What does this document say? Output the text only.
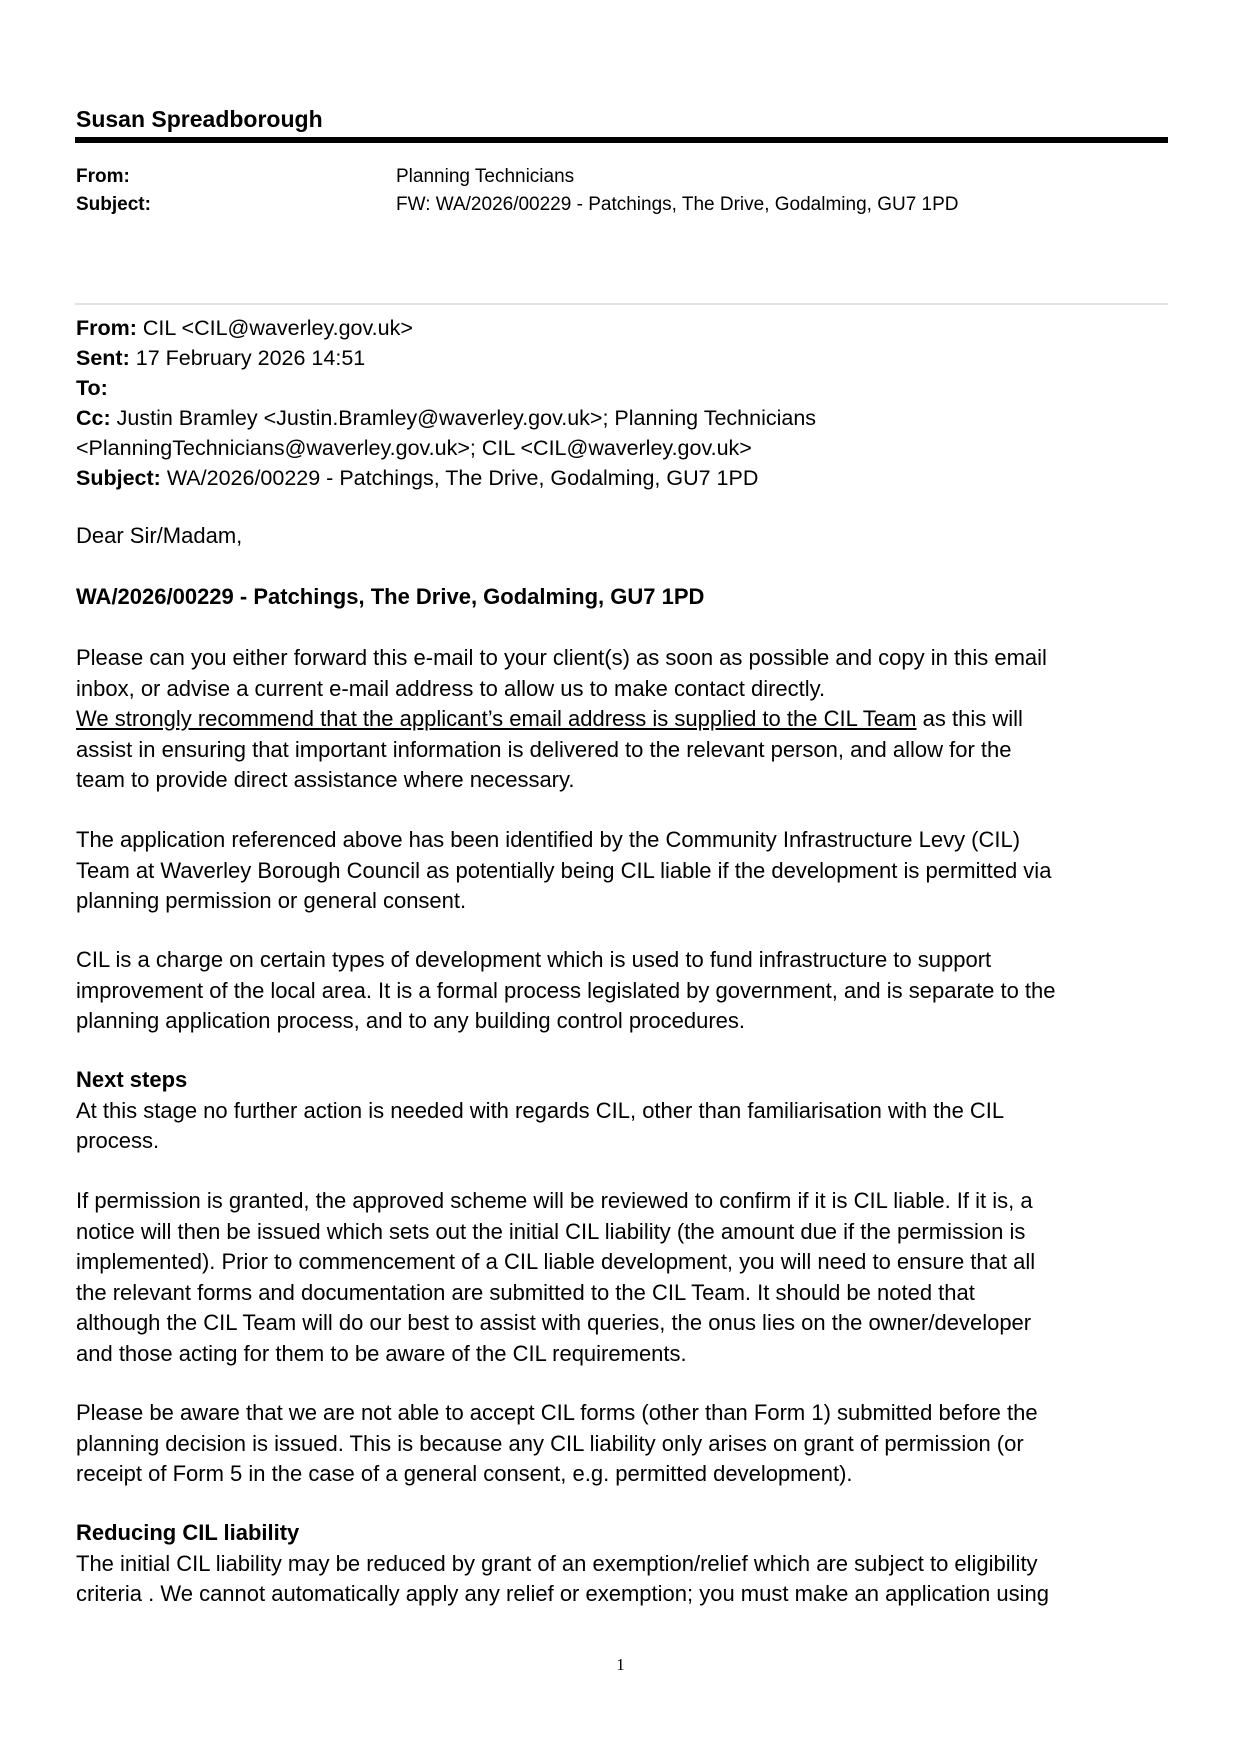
Susan Spreadborough
From:	Planning Technicians
Subject:	FW: WA/2026/00229 - Patchings, The Drive, Godalming, GU7 1PD
From: CIL <CIL@waverley.gov.uk>
Sent: 17 February 2026 14:51
To:
Cc: Justin Bramley <Justin.Bramley@waverley.gov.uk>; Planning Technicians
<PlanningTechnicians@waverley.gov.uk>; CIL <CIL@waverley.gov.uk>
Subject: WA/2026/00229 - Patchings, The Drive, Godalming, GU7 1PD

Dear Sir/Madam,

WA/2026/00229 - Patchings, The Drive, Godalming, GU7 1PD

Please can you either forward this e-mail to your client(s) as soon as possible and copy in this email

inbox, or advise a current e-mail address to allow us to make contact directly.

We strongly recommend that the applicant’s email address is supplied to the CIL Team as this will

assist in ensuring that important information is delivered to the relevant person, and allow for the

team to provide direct assistance where necessary.

The application referenced above has been identified by the Community Infrastructure Levy (CIL)

Team at Waverley Borough Council as potentially being CIL liable if the development is permitted via

planning permission or general consent.

CIL is a charge on certain types of development which is used to fund infrastructure to support

improvement of the local area. It is a formal process legislated by government, and is separate to the

planning application process, and to any building control procedures.

Next steps

At this stage no further action is needed with regards CIL, other than familiarisation with the CIL

process.

If permission is granted, the approved scheme will be reviewed to confirm if it is CIL liable. If it is, a

notice will then be issued which sets out the initial CIL liability (the amount due if the permission is

implemented). Prior to commencement of a CIL liable development, you will need to ensure that all

the relevant forms and documentation are submitted to the CIL Team. It should be noted that

although the CIL Team will do our best to assist with queries, the onus lies on the owner/developer

and those acting for them to be aware of the CIL requirements.

Please be aware that we are not able to accept CIL forms (other than Form 1) submitted before the

planning decision is issued. This is because any CIL liability only arises on grant of permission (or

receipt of Form 5 in the case of a general consent, e.g. permitted development).

Reducing CIL liability

The initial CIL liability may be reduced by grant of an exemption/relief which are subject to eligibility

criteria . We cannot automatically apply any relief or exemption; you must make an application using

1
